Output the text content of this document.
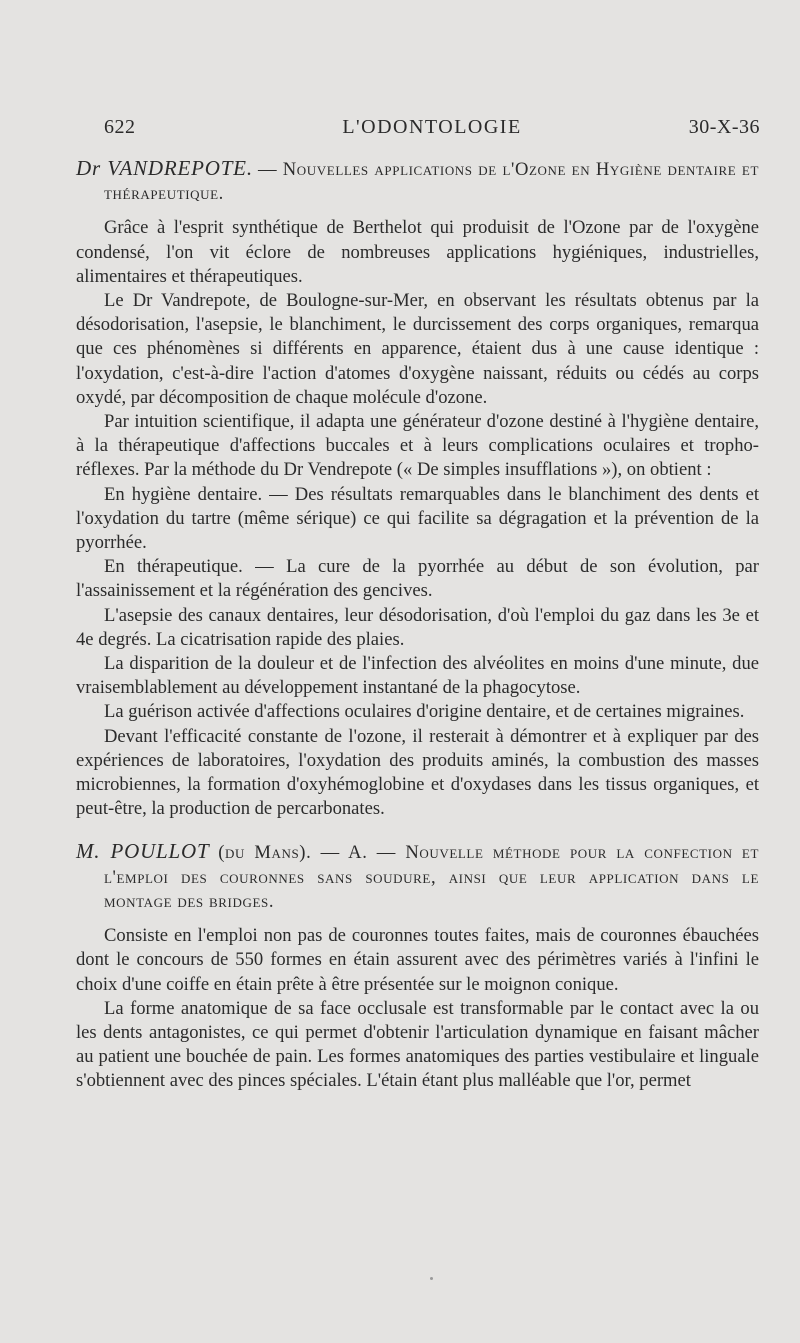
622	L'ODONTOLOGIE	30-X-36

Dr VANDREPOTE. — Nouvelles applications de l'Ozone en Hygiène dentaire et thérapeutique.

Grâce à l'esprit synthétique de Berthelot qui produisit de l'Ozone par de l'oxygène condensé, l'on vit éclore de nombreuses applications hygiéniques, industrielles, alimentaires et thérapeutiques.

Le Dr Vandrepote, de Boulogne-sur-Mer, en observant les résultats obtenus par la désodorisation, l'asepsie, le blanchiment, le durcissement des corps organiques, remarqua que ces phénomènes si différents en apparence, étaient dus à une cause identique : l'oxydation, c'est-à-dire l'action d'atomes d'oxygène naissant, réduits ou cédés au corps oxydé, par décomposition de chaque molécule d'ozone.

Par intuition scientifique, il adapta une générateur d'ozone destiné à l'hygiène dentaire, à la thérapeutique d'affections buccales et à leurs complications oculaires et tropho-réflexes. Par la méthode du Dr Vendrepote (« De simples insufflations »), on obtient :

En hygiène dentaire. — Des résultats remarquables dans le blanchiment des dents et l'oxydation du tartre (même sérique) ce qui facilite sa dégragation et la prévention de la pyorrhée.

En thérapeutique. — La cure de la pyorrhée au début de son évolution, par l'assainissement et la régénération des gencives.

L'asepsie des canaux dentaires, leur désodorisation, d'où l'emploi du gaz dans les 3e et 4e degrés. La cicatrisation rapide des plaies.

La disparition de la douleur et de l'infection des alvéolites en moins d'une minute, due vraisemblablement au développement instantané de la phagocytose.

La guérison activée d'affections oculaires d'origine dentaire, et de certaines migraines.

Devant l'efficacité constante de l'ozone, il resterait à démontrer et à expliquer par des expériences de laboratoires, l'oxydation des produits aminés, la combustion des masses microbiennes, la formation d'oxyhémoglobine et d'oxydases dans les tissus organiques, et peut-être, la production de percarbonates.

M. POULLOT (du Mans). — A. — Nouvelle méthode pour la confection et l'emploi des couronnes sans soudure, ainsi que leur application dans le montage des bridges.

Consiste en l'emploi non pas de couronnes toutes faites, mais de couronnes ébauchées dont le concours de 550 formes en étain assurent avec des périmètres variés à l'infini le choix d'une coiffe en étain prête à être présentée sur le moignon conique.

La forme anatomique de sa face occlusale est transformable par le contact avec la ou les dents antagonistes, ce qui permet d'obtenir l'articulation dynamique en faisant mâcher au patient une bouchée de pain. Les formes anatomiques des parties vestibulaire et linguale s'obtiennent avec des pinces spéciales. L'étain étant plus malléable que l'or, permet
